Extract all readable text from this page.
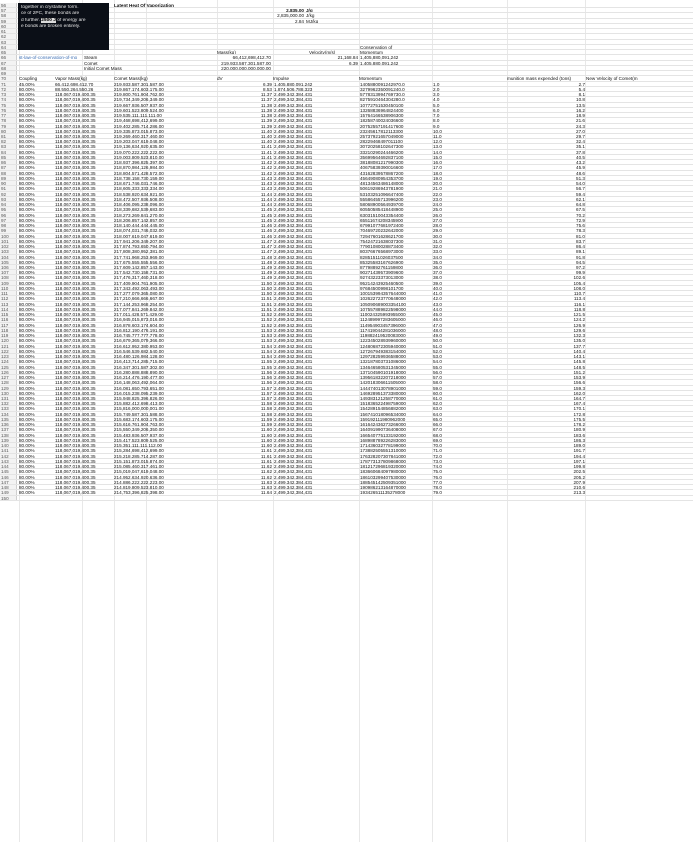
56	Latent Heat Of Vaporization
57	2,835.00 J/g
58	2,835,000.00 J/kg
59	2.84 MJ/kg
60
61
62
63
64	Conservation of
65	Mass(kg)	Velocity(m/s)	Momentum
66	st-law-of-conservation-of-mo	Steam	66,412,698,412.70	21,168.84 1,405,880,091,242
67	Comet	219,933,587,301,587.00	6.39 1,405,880,091,242
68	Initial Comet Mass	220,000,000,000,000.00
69
70	Coupling	Vapor Mass(kg)	Comet Mass(kg)	dV	Impulse	Momentum	munition mass expended (tons)	New Velocity of Comet(m
71	45.00%	66,412,698,412.70	219,933,587,301,587.00	6.39 1,405,880,091,242	1405880091242970.0	1.0	2.7
72	80.00%	88,550,264,550.26	219,867,174,603,175.00	8.53 1,874,506,788,323	3279962350091240.0	2.0	5.4
73	80.00%	118,067,019,400.35	219,800,761,904,762.00	11.37 2,499,342,384,431	5778313994769730.0	3.0	8.1
74	80.00%	118,067,019,400.35	219,734,349,206,349.00	11.37 2,499,342,384,431	8275910464304280.0	4.0	10.8
75	80.00%	118,067,019,400.35	219,667,936,507,937.00	11.38 2,499,342,384,431	10772751530450100	5.0	13.5
76	80.00%	118,067,019,400.35	219,601,523,809,524.00	11.38 2,499,342,384,431	13268836964824400	6.0	16.2
77	80.00%	118,067,019,400.35	219,535,111,111,111.00	11.38 2,499,342,384,431	15764166538906300	7.0	18.9
78	80.00%	118,067,019,400.35	219,468,698,412,699.00	11.39 2,499,342,384,431	18258740024036600	8.0	21.6
79	80.00%	118,067,019,400.35	219,402,285,714,286.00	11.39 2,499,342,384,431	20752557191417600	9.0	24.3
80	80.00%	118,067,019,400.35	219,335,873,015,873.00	11.40 2,499,342,384,431	23245617812113300	10.0	27.0
81	80.00%	118,067,019,400.35	219,269,460,317,460.00	11.40 2,499,342,384,431	25737921657049000	11.0	29.7
82	80.00%	118,067,019,400.35	219,203,047,619,048.00	11.40 2,499,342,384,431	28229468497011100	12.0	32.4
83	80.00%	118,067,019,400.35	219,136,634,920,635.00	11.41 2,499,342,384,431	30720258102647300	13.0	35.1
84	80.00%	118,067,019,400.35	219,070,222,222,222.00	11.41 2,499,342,384,431	33210290244466200	14.0	37.8
85	80.00%	118,067,019,400.35	219,003,809,523,810.00	11.41 2,499,342,384,431	35699564692837100	15.0	40.5
86	80.00%	118,067,019,400.35	218,937,396,825,397.00	11.42 2,499,342,384,431	38188081217990300	16.0	43.2
87	80.00%	118,067,019,400.35	218,870,984,126,984.00	11.42 2,499,342,384,431	40675839390016600	17.0	45.9
88	80.00%	118,067,019,400.35	218,804,571,428,572.00	11.42 2,499,342,384,431	43162839578867200	18.0	48.6
89	80.00%	118,067,019,400.35	218,738,158,730,159.00	11.43 2,499,342,384,431	45649080954353700	19.0	51.3
90	80.00%	118,067,019,400.35	218,671,746,031,746.00	11.43 2,499,342,384,431	48134563486148000	20.0	54.0
91	80.00%	118,067,019,400.35	218,605,333,333,334.00	11.43 2,499,342,384,431	50619286943781900	21.0	56.7
92	80.00%	118,067,019,400.35	218,538,920,634,921.00	11.44 2,499,342,384,431	53103251096647400	22.0	59.4
93	80.00%	118,067,019,400.35	218,472,507,936,508.00	11.44 2,499,342,384,431	55586455713996200	23.0	62.1
94	80.00%	118,067,019,400.35	218,406,095,238,096.00	11.44 2,499,342,384,431	58068900564939700	24.0	64.8
95	80.00%	118,067,019,400.35	218,339,682,539,683.00	11.45 2,499,342,384,431	60550585418448900	25.0	67.5
96	80.00%	118,067,019,400.35	218,273,269,841,270.00	11.45 2,499,342,384,431	63031510043354400	26.0	70.2
97	80.00%	118,067,019,400.35	218,206,857,142,857.00	11.45 2,499,342,384,431	65511674208345900	27.0	72.9
98	80.00%	118,067,019,400.35	218,140,444,444,445.00	11.46 2,499,342,384,431	67991077681972400	28.0	75.6
99	80.00%	118,067,019,400.35	218,074,031,746,032.00	11.46 2,499,342,384,431	70469720232642000	29.0	78.3
100	80.00%	118,067,019,400.35	218,007,619,047,619.00	11.46 2,499,342,384,431	72947601628621700	30.0	81.0
101	80.00%	118,067,019,400.35	217,941,206,349,207.00	11.47 2,499,342,384,431	75424721638037300	31.0	83.7
102	80.00%	118,067,019,400.35	217,874,793,650,794.00	11.47 2,499,342,384,431	77901080028873400	32.0	86.4
103	80.00%	118,067,019,400.35	217,808,380,952,381.00	11.47 2,499,342,384,431	80376676568973000	33.0	89.1
104	80.00%	118,067,019,400.35	217,741,968,253,969.00	11.48 2,499,342,384,431	82851511026037500	34.0	91.8
105	80.00%	118,067,019,400.35	217,675,555,555,556.00	11.48 2,499,342,384,431	85325583167626900	35.0	94.5
106	80.00%	118,067,019,400.35	217,609,142,857,143.00	11.49 2,499,342,384,431	87798892761159800	36.0	97.2
107	80.00%	118,067,019,400.35	217,542,730,158,731.00	11.49 2,499,342,384,431	90271439573909600	37.0	99.9
108	80.00%	118,067,019,400.35	217,476,317,460,318.00	11.49 2,499,342,384,431	92743223373013000	38.0	102.6
109	80.00%	118,067,019,400.35	217,409,904,761,905.00	11.50 2,499,342,384,431	95214243925460500	39.0	105.4
110	80.00%	118,067,019,400.35	217,343,492,063,493.00	11.50 2,499,342,384,431	97684500998101700	40.0	108.0
111	80.00%	118,067,019,400.35	217,277,079,365,080.00	11.50 2,499,342,384,431	100153994357644000	41.0	110.7
112	80.00%	118,067,019,400.35	217,210,666,666,667.00	11.51 2,499,342,384,431	102622723770648000	42.0	113.4
113	80.00%	118,067,019,400.35	217,144,253,968,254.00	11.51 2,499,342,384,431	105090689003354100	43.0	116.1
114	80.00%	118,067,019,400.35	217,077,841,269,842.00	11.51 2,499,342,384,431	107557889822598000	44.0	118.8
115	80.00%	118,067,019,400.35	217,011,428,571,429.00	11.52 2,499,342,384,431	110024325993955000	45.0	121.5
116	80.00%	118,067,019,400.35	216,945,015,873,016.00	11.52 2,499,342,384,431	112489997283605000	46.0	124.2
117	80.00%	118,067,019,400.35	216,878,603,174,604.00	11.52 2,499,342,384,431	114954903457396000	47.0	126.9
118	80.00%	118,067,019,400.35	216,812,190,476,191.00	11.53 2,499,342,384,431	117419044281036000	48.0	129.6
119	80.00%	118,067,019,400.35	216,745,777,777,778.00	11.53 2,499,342,384,431	119882419520083000	49.0	132.3
120	80.00%	118,067,019,400.35	216,679,365,079,366.00	11.53 2,499,342,384,431	122345028939960000	50.0	135.0
121	80.00%	118,067,019,400.35	216,612,952,380,953.00	11.54 2,499,342,384,431	124806872305940000	51.0	137.7
122	80.00%	118,067,019,400.35	216,546,539,682,540.00	11.54 2,499,342,384,431	127267949383154000	52.0	140.4
123	80.00%	118,067,019,400.35	216,480,126,984,128.00	11.54 2,499,342,384,431	129728259936588000	53.0	143.1
124	80.00%	118,067,019,400.35	216,413,714,285,715.00	11.55 2,499,342,384,431	132187803731086000	54.0	145.8
125	80.00%	118,067,019,400.35	216,347,301,587,302.00	11.55 2,499,342,384,431	134646580531345000	55.0	148.5
126	80.00%	118,067,019,400.35	216,280,888,888,890.00	11.56 2,499,342,384,431	137104590101918000	56.0	151.2
127	80.00%	118,067,019,400.35	216,214,476,190,477.00	11.56 2,499,342,384,431	139561832207218000	57.0	153.9
128	80.00%	118,067,019,400.35	216,148,063,492,064.00	11.56 2,499,342,384,431	142018306611505000	58.0	156.6
129	80.00%	118,067,019,400.35	216,081,650,793,651.00	11.57 2,499,342,384,431	144474013078901000	59.0	159.3
130	80.00%	118,067,019,400.35	216,015,238,095,239.00	11.57 2,499,342,384,431	146928951373380000	60.0	162.0
131	80.00%	118,067,019,400.35	215,948,825,396,826.00	11.57 2,499,342,384,431	149383121258770000	61.0	164.7
132	80.00%	118,067,019,400.35	215,882,412,698,413.00	11.58 2,499,342,384,431	151836522498759000	62.0	167.4
133	80.00%	118,067,019,400.35	215,816,000,000,001.00	11.58 2,499,342,384,431	154289154856882000	63.0	170.1
134	80.00%	118,067,019,400.35	215,749,587,301,588.00	11.58 2,499,342,384,431	156741018096534000	64.0	172.8
135	80.00%	118,067,019,400.35	215,683,174,603,175.00	11.59 2,499,342,384,431	159192111980962000	65.0	175.5
136	80.00%	118,067,019,400.35	215,616,761,904,763.00	11.59 2,499,342,384,431	161642436273266000	66.0	178.2
137	80.00%	118,067,019,400.35	215,550,349,206,350.00	11.60 2,499,342,384,431	164091990736408000	67.0	180.9
138	80.00%	118,067,019,400.35	215,483,936,507,937.00	11.60 2,499,342,384,431	166540775133192000	68.0	183.6
139	80.00%	118,067,019,400.35	215,417,523,809,525.00	11.60 2,499,342,384,431	168988789226283000	69.0	186.3
140	80.00%	118,067,019,400.35	215,351,111,111,112.00	11.60 2,499,342,384,431	171436032778199000	70.0	189.0
141	80.00%	118,067,019,400.35	215,284,698,412,699.00	11.61 2,499,342,384,431	173882505551310000	71.0	191.7
142	80.00%	118,067,019,400.35	215,218,285,714,287.00	11.61 2,499,342,384,431	176328207307841000	72.0	194.4
143	80.00%	118,067,019,400.35	215,151,873,015,874.00	11.61 2,499,342,384,431	178773137809868000	73.0	197.1
144	80.00%	118,067,019,400.35	215,085,460,317,461.00	11.62 2,499,342,384,431	181217296819320000	74.0	199.8
145	80.00%	118,067,019,400.35	215,019,047,619,048.00	11.62 2,499,342,384,431	183660684097980000	75.0	202.5
146	80.00%	118,067,019,400.35	214,952,634,920,636.00	11.62 2,499,342,384,431	186103299407530000	76.0	205.2
147	80.00%	118,067,019,400.35	214,886,222,222,223.00	11.63 2,499,342,384,431	188545142509351000	77.0	207.9
148	80.00%	118,067,019,400.35	214,819,809,523,810.00	11.63 2,499,342,384,431	190986213164870000	78.0	210.6
149	80.00%	118,067,019,400.35	214,753,396,825,398.00	11.64 2,499,342,384,431	193426511135278000	79.0	213.3
150
together in crystalline form.
ce of 2PC, these bonds are
d further. 2500 J of energy are
e bonds are broken entirely.
